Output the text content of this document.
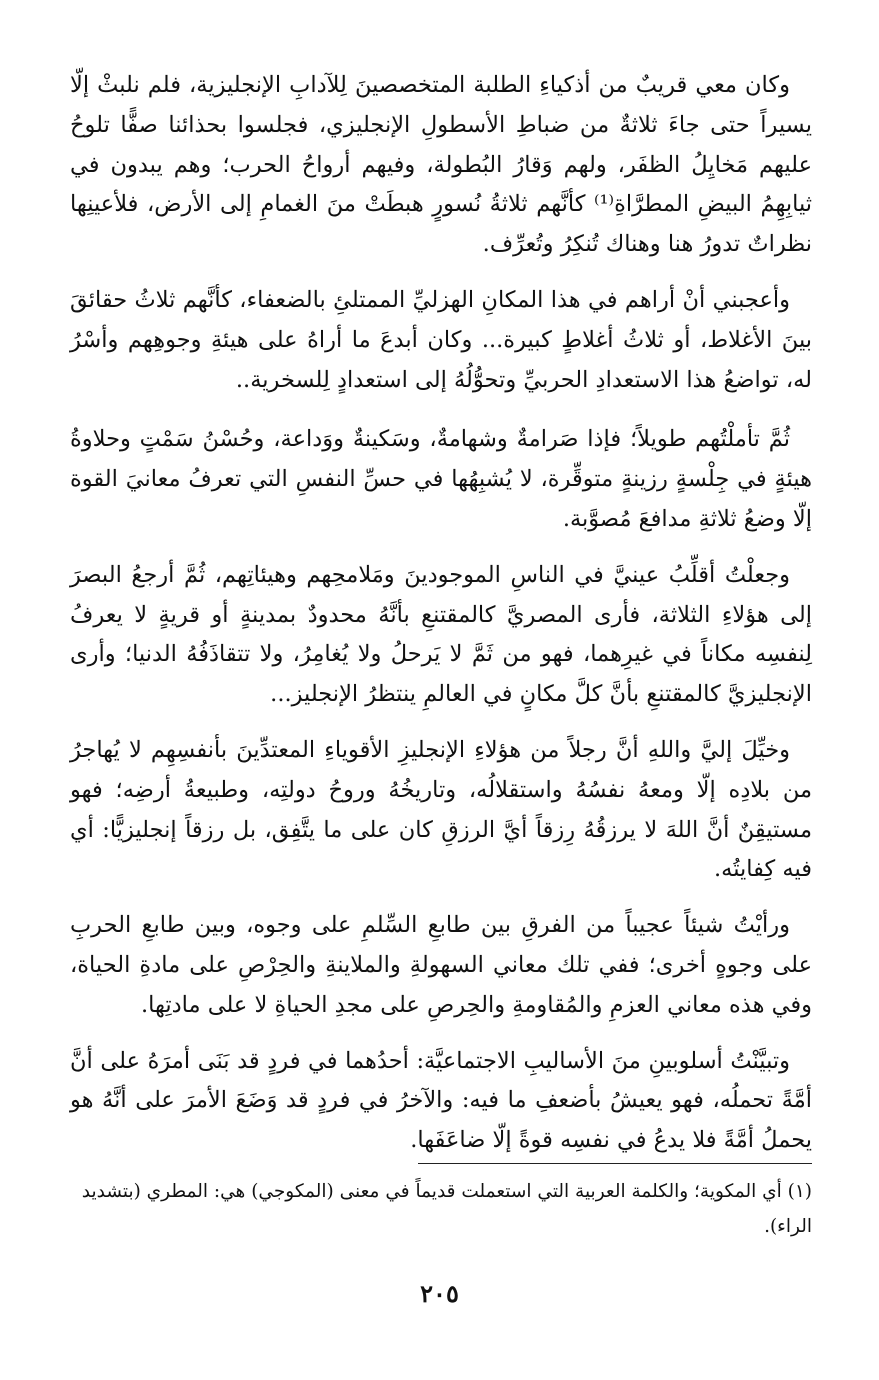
وكان معي قريبٌ من أذكياءِ الطلبة المتخصصينَ لِلآدابِ الإنجليزية، فلم نلبثْ إلّا يسيراً حتى جاءَ ثلاثةٌ من ضباطِ الأسطولِ الإنجليزي، فجلسوا بحذائنا صفًّا تلوحُ عليهم مَخايِلُ الظفَر، ولهم وَقارُ البُطولة، وفيهم أرواحُ الحرب؛ وهم يبدون في ثيابِهِمُ البيضِ المطرَّاةِ⁽¹⁾ كأنَّهم ثلاثةُ نُسورٍ هبطَتْ منَ الغمامِ إلى الأرض، فلأعينِها نظراتٌ تدورُ هنا وهناك تُنكِرُ وتُعرِّف.

وأعجبني أنْ أراهم في هذا المكانِ الهزليِّ الممتلئِ بالضعفاء، كأنَّهم ثلاثُ حقائقَ بينَ الأغلاط، أو ثلاثُ أغلاطٍ كبيرة... وكان أبدعَ ما أراهُ على هيئةِ وجوهِهم وأسْرُ له، تواضعُ هذا الاستعدادِ الحربيِّ وتحوُّلُهُ إلى استعدادٍ لِلسخرية..

ثُمَّ تأملْتُهم طويلاً؛ فإذا صَرامةٌ وشهامةٌ، وسَكينةٌ ووَداعة، وحُسْنُ سَمْتٍ وحلاوةُ هيئةٍ في جِلْسةٍ رزينةٍ متوقِّرة، لا يُشبِهُها في حسِّ النفسِ التي تعرفُ معانيَ القوة إلّا وضعُ ثلاثةِ مدافعَ مُصوَّبة.

وجعلْتُ أقلِّبُ عينيَّ في الناسِ الموجودينَ ومَلامحِهم وهيئاتِهم، ثُمَّ أرجعُ البصرَ إلى هؤلاءِ الثلاثة، فأرى المصريَّ كالمقتنعِ بأنَّهُ محدودٌ بمدينةٍ أو قريةٍ لا يعرفُ لِنفسِه مكاناً في غيرِهما، فهو من ثَمَّ لا يَرحلُ ولا يُغامِرُ، ولا تتقاذَفُهُ الدنيا؛ وأرى الإنجليزيَّ كالمقتنعِ بأنَّ كلَّ مكانٍ في العالمِ ينتظرُ الإنجليز...

وخيِّلَ إليَّ واللهِ أنَّ رجلاً من هؤلاءِ الإنجليزِ الأقوياءِ المعتدِّينَ بأنفسِهِم لا يُهاجرُ من بلادِه إلّا ومعهُ نفسُهُ واستقلالُه، وتاريخُهُ وروحُ دولتِه، وطبيعةُ أرضِه؛ فهو مستيقِنٌ أنَّ اللهَ لا يرزقُهُ رِزقاً أيَّ الرزقِ كان على ما يتَّفِق، بل رزقاً إنجليزيًّا: أي فيه كِفايتُه.

ورأيْتُ شيئاً عجيباً من الفرقِ بين طابعِ السِّلمِ على وجوه، وبين طابعِ الحربِ على وجوهٍ أخرى؛ ففي تلك معاني السهولةِ والملاينةِ والحِرْصِ على مادةِ الحياة، وفي هذه معاني العزمِ والمُقاومةِ والحِرصِ على مجدِ الحياةِ لا على مادتِها.

وتبيَّنْتُ أسلوبينِ منَ الأساليبِ الاجتماعيَّة: أحدُهما في فردٍ قد بَنَى أمرَهُ على أنَّ أمَّةً تحملُه، فهو يعيشُ بأضعفِ ما فيه: والآخرُ في فردٍ قد وَضَعَ الأمرَ على أنَّهُ هو يحملُ أمَّةً فلا يدعُ في نفسِه قوةً إلّا ضاعَفَها.

(١) أي المكوية؛ والكلمة العربية التي استعملت قديماً في معنى (المكوجي) هي: المطري (بتشديد الراء).

٢٠٥
